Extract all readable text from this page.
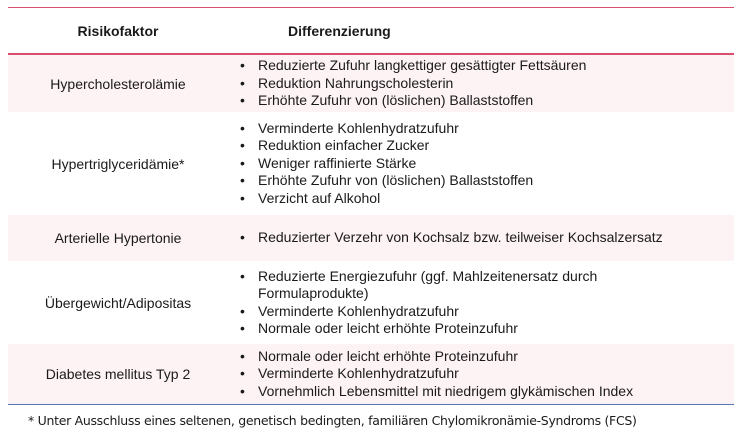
Risikofaktor	Differenzierung
Hypercholesterolämie
• Reduzierte Zufuhr langkettiger gesättigter Fettsäuren
• Reduktion Nahrungscholesterin
• Erhöhte Zufuhr von (löslichen) Ballaststoffen
Hypertriglyceridämie*
• Verminderte Kohlenhydratzufuhr
• Reduktion einfacher Zucker
• Weniger raffinierte Stärke
• Erhöhte Zufuhr von (löslichen) Ballaststoffen
• Verzicht auf Alkohol
Arterielle Hypertonie	• Reduzierter Verzehr von Kochsalz bzw. teilweiser Kochsalzersatz
Übergewicht/Adipositas
• Reduzierte Energiezufuhr (ggf. Mahlzeitenersatz durch Formulaprodukte)
• Verminderte Kohlenhydratzufuhr
• Normale oder leicht erhöhte Proteinzufuhr
Diabetes mellitus Typ 2
• Normale oder leicht erhöhte Proteinzufuhr
• Verminderte Kohlenhydratzufuhr
• Vornehmlich Lebensmittel mit niedrigem glykämischen Index
* Unter Ausschluss eines seltenen, genetisch bedingten, familiären Chylomikronämie-Syndroms (FCS)
